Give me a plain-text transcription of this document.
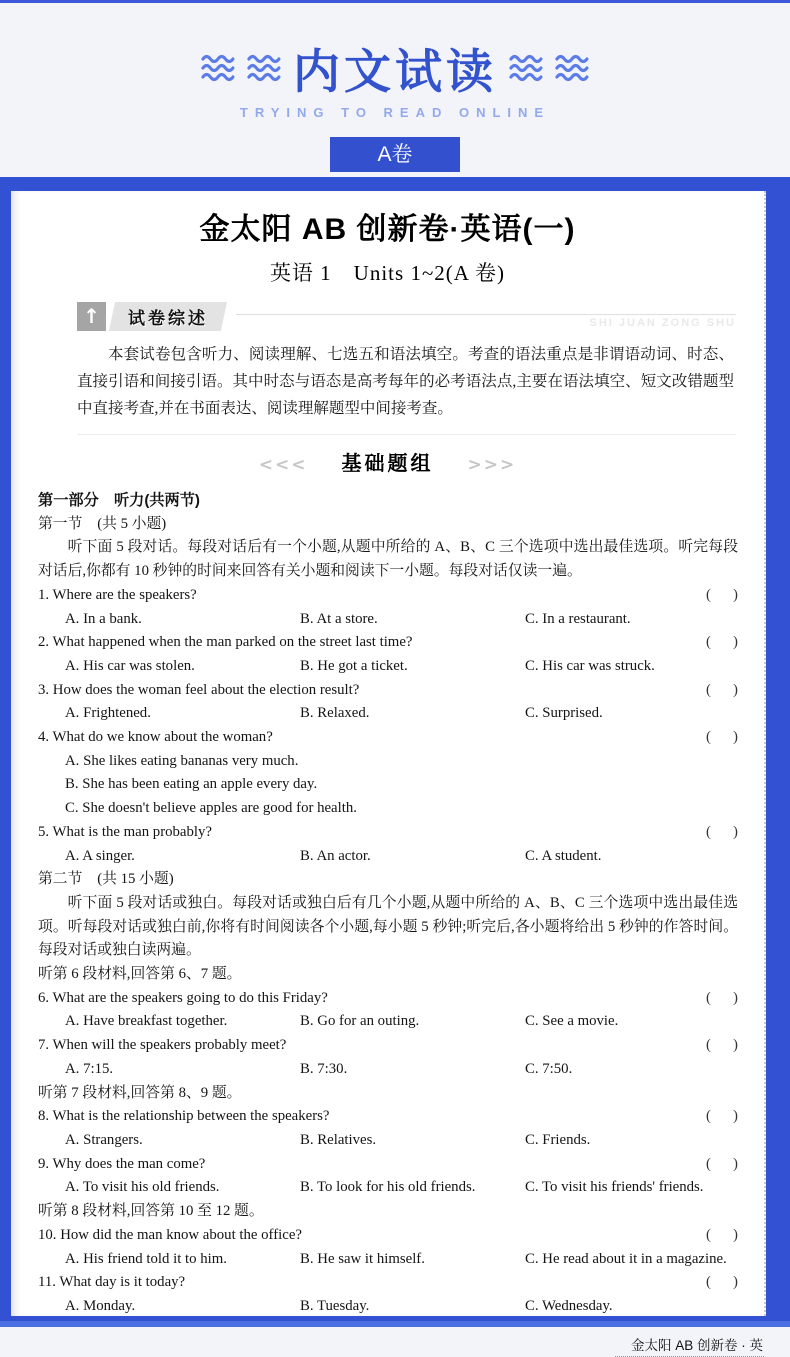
内文试读
TRYING TO READ ONLINE
A卷
金太阳 AB 创新卷·英语(一)
英语 1　Units 1~2(A 卷)
↑	试卷综述	SHI JUAN ZONG SHU
本套试卷包含听力、阅读理解、七选五和语法填空。考查的语法重点是非谓语动词、时态、直接引语和间接引语。其中时态与语态是高考每年的必考语法点,主要在语法填空、短文改错题型中直接考查,并在书面表达、阅读理解题型中间接考查。
<<< 基础题组 >>>
第一部分　听力(共两节)
第一节　(共 5 小题)
听下面 5 段对话。每段对话后有一个小题,从题中所给的 A、B、C 三个选项中选出最佳选项。听完每段对话后,你都有 10 秒钟的时间来回答有关小题和阅读下一小题。每段对话仅读一遍。
1. Where are the speakers?	(      )
A. In a bank.	B. At a store.	C. In a restaurant.
2. What happened when the man parked on the street last time?	(      )
A. His car was stolen.	B. He got a ticket.	C. His car was struck.
3. How does the woman feel about the election result?	(      )
A. Frightened.	B. Relaxed.	C. Surprised.
4. What do we know about the woman?	(      )
A. She likes eating bananas very much.
B. She has been eating an apple every day.
C. She doesn't believe apples are good for health.
5. What is the man probably?	(      )
A. A singer.	B. An actor.	C. A student.
第二节　(共 15 小题)
听下面 5 段对话或独白。每段对话或独白后有几个小题,从题中所给的 A、B、C 三个选项中选出最佳选项。听每段对话或独白前,你将有时间阅读各个小题,每小题 5 秒钟;听完后,各小题将给出 5 秒钟的作答时间。每段对话或独白读两遍。
听第 6 段材料,回答第 6、7 题。
6. What are the speakers going to do this Friday?	(      )
A. Have breakfast together.	B. Go for an outing.	C. See a movie.
7. When will the speakers probably meet?	(      )
A. 7:15.	B. 7:30.	C. 7:50.
听第 7 段材料,回答第 8、9 题。
8. What is the relationship between the speakers?	(      )
A. Strangers.	B. Relatives.	C. Friends.
9. Why does the man come?	(      )
A. To visit his old friends.	B. To look for his old friends.	C. To visit his friends' friends.
听第 8 段材料,回答第 10 至 12 题。
10. How did the man know about the office?	(      )
A. His friend told it to him.	B. He saw it himself.	C. He read about it in a magazine.
11. What day is it today?	(      )
A. Monday.	B. Tuesday.	C. Wednesday.
金太阳 AB 创新卷 · 英
